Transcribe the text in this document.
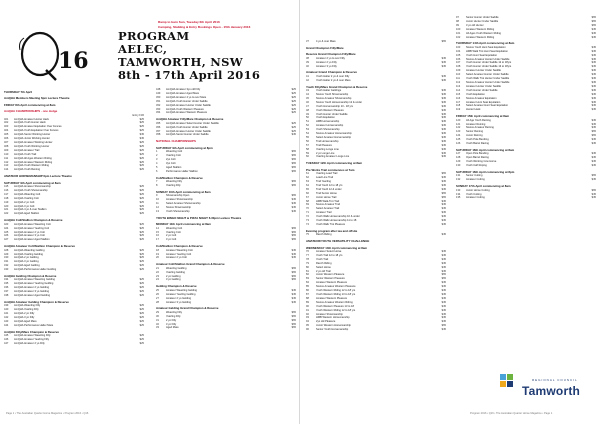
16
PROGRAM
AELEC,
TAMWORTH, NSW
8th - 17th April 2016
THURSDAY 7th April
AmQHA Members Meeting 6pm Lecture Theatre
FRIDAY 8th April commencing at 8am
AmQHA CHAMPIONSHIPS - one Judge
Entry FJR
401	AmQHA Amateur Hunter Hack	$25
402	AmQHA Youth Hunter Hack	$25
403	AmQHA Amateur Equitation Over Fences	$25
404	AmQHA Youth Equitation Over Fences	$25
405	AmQHA Senior Working Hunter	$45
406	AmQHA Junior Working Hunter	$45
407	AmQHA Amateur Working Hunter	$25
408	AmQHA Youth Working Hunter	$25
409	AmQHA Amateur Trail	$25
410	AmQHA Youth Trail	$25
411	AmQHA All Ages Western Riding	$25
412	AmQHA Amateur Western Riding	$25
413	AmQHA Youth Western Riding	$25
414	AmQHA Youth Reining	$25
AMATEUR HORSEMANSHIP 6pm Lecture Theatre
SATURDAY 9th April commencing at 8am
415	AmQHA Amateur Showmanship	$25
416	AmQHA Youth Showmanship	$25
417	AmQHA Weanling Colt	$25
418	AmQHA Yearling Colt	$25
419	AmQHA 2 yo Colt	$25
420	AmQHA 3 yo Colt	$25
421	AmQHA 4 yo & over Stallion	$25
422	AmQHA Aged Stallion	$25
AmQHA Colt/Stallion Champion & Reserve
423	AmQHA Amateur Weanling Colt	$25
424	AmQHA Amateur Yearling Colt	$25
425	AmQHA Amateur 2 yo Colt	$25
426	AmQHA Amateur 3 yo Colt	$25
427	AmQHA Amateur Aged Stallion	$25
AmQHA Amateur Colt/Stallion Champion & Reserve
428	AmQHA Weanling Gelding	$25
429	AmQHA Yearling Gelding	$25
430	AmQHA 2 yo Gelding	$25
431	AmQHA 3 yo Gelding	$25
432	AmQHA Aged Gelding	$25
433	AmQHA Performance Halter Gelding	$25
AmQHA Gelding Champion & Reserve
434	AmQHA Amateur Weanling Gelding	$25
435	AmQHA Amateur Yearling Gelding	$25
436	AmQHA Amateur 2 yo Gelding	$25
437	AmQHA Amateur 3 yo Gelding	$25
438	AmQHA Amateur Aged Gelding	$25
AmQHA Amateur Gelding Champion & Reserve
439	AmQHA Weanling Filly	$25
440	AmQHA Yearling Filly	$25
441	AmQHA 2 yo Filly	$25
442	AmQHA 3 yo Filly	$25
443	AmQHA Aged Mare	$25
444	AmQHA Performance Halter Mare	$25
AmQHA Filly/Mare Champion & Reserve
445	AmQHA Amateur Weanling Filly	$25
446	AmQHA Amateur Yearling Filly	$25
447	AmQHA Amateur 2 yo Filly	$25
448	AmQHA Amateur 3yo old Filly	$25
449	AmQHA Amateur Aged Mare	$25
450	AmQHA Amateur 4 yo & over Mare	$25
451	AmQHA Youth Hunter Under Saddle	$25
452	AmQHA Amateur Hunter Under Saddle	$25
453	AmQHA Youth Western Pleasure	$25
454	AmQHA Amateur Western Pleasure	$25
AmQHA Amateur Filly/Mare Champion & Reserve
455	AmQHA Amateur Select Hunter Under Saddle	$25
456	AmQHA Youth Hunter Under Saddle	$25
457	AmQHA Amateur Hunter Under Saddle	$25
458	AmQHA Senior Hunter Under Saddle	$45
NATIONAL CHAMPIONSHIPS
SATURDAY 9th April commencing at 8pm
1	Weanling Colt	$65
2	Yearling Colt	$65
3	2yo Colt	$65
4	3yo Colt	$65
5	Aged Stallion	$65
6	Performance Halter Stallion	$65
Colt/Stallion Champion & Reserve
7	Weanling Filly	$65
8	Yearling Filly	$65
SUNDAY 10th April commencing at 8am
9	Showmanship Open	$65
10	Amateur Showmanship	$45
11	Select Amateur Showmanship	$45
12	Novice Showmanship	$45
13	Youth Showmanship	$45
YOUTH BINGO NIGHT & PIZZA NIGHT 6.30pm Lecture Theatre
MONDAY 11th April commencing at 8am
14	Weanling Colt	$65
15	Yearling Colt	$65
16	2 yo Colt	$65
17	3 yo Colt	$65
Colt/Stallion Champion & Reserve
18	Amateur Weanling Colt	$45
19	Amateur Yearling Colt	$45
20	Amateur 2 yo Colt	$45
Amateur Colt/Stallion Grand Champion & Reserve
21	Weanling Gelding	$65
22	Yearling Gelding	$65
23	2 yo Gelding	$65
24	3 yo Gelding	$65
Gelding Champion & Reserve
25	Amateur Weanling Gelding	$45
26	Amateur Yearling Gelding	$45
27	Amateur 2 yo Gelding	$45
28	Amateur 3 yo Gelding	$45
Amateur Gelding Grand Champion & Reserve
29	Weanling Filly	$65
30	Yearling Filly	$65
31	2 yo Filly	$65
32	3 yo Filly	$65
33	Aged Mare	$65
Page 1 • The Australian Quarter Horse Magazine • Program 2016 • Q16
Ramp to barn Sun, Tuesday 6th April 2016
Camping, Stabling & Entry Bookings Open - 15th January 2016
37	4 yo & over Mare	$65
Grand Champion Filly/Mare
Reserve Grand Champion Filly/Mare
38	Amateur 2 yo & over Filly	$45
39	Amateur 2 yo Filly	$45
40	Amateur 3 yo Filly	$45
Amateur Grand Champion & Reserve
41	Youth Halter 2 yo & over Filly	$45
42	Youth Halter 2 yo & over Mare	$45
Youth Filly/Mare Grand Champion & Reserve
43	Youth Halter Geldings	$45
44	Novice Youth Showmanship	$45
45	Novice Amateur Showmanship	$45
46	Novice Youth Horsemanship 12 & under	$45
47	Youth Horsemanship 13 - 18 yrs	$45
48	Youth Western Pleasure	$45
49	Youth Hunter Under Saddle	$45
50	Youth Equitation	$45
51	HMB Horsemanship	$45
52	Amateur Horsemanship	$45
53	Youth Showmanship	$45
54	Novice Amateur Horsemanship	$45
55	Select Amateur Horsemanship	$45
56	Trail Horsemanship	$45
57	Trail Pleasure	$45
58	Yearling Longe Line	$45
59	2 yo Longe Line	$45
60	Yearling Amateur Longe Line	$45
TUESDAY 12th April commencing at 8am
Pre Works Trail commences at 7am
61	Yearling Lead Trail	$65
62	Lead Line Trail	$45
63	Trail Yearling	$45
64	Trail Youth 12 to 18 yrs	$45
65	Trail Youth 12 & under	$45
66	Trail Senior Horse	$65
67	Junior Horse Trail	$65
68	HMB Walk-Trot Trail	$45
69	Novice Amateur Trail	$45
70	Select Amateur Trail	$45
71	Amateur Trail	$45
72	Youth Walk Horsemanship 10 & under	$45
73	Youth Walk Horsemanship 11 to 18	$45
74	Youth Walk Trot Pleasure	$45
Evening program after tea and offsite
75	Ranch Riding	$45
AMATEUR/YOUTH VERSATILITY CHALLENGE
WEDNESDAY 13th April commencing at 8am
76	Amateur Select Horse	$45
77	Youth Trail 12 to 18 yrs	$45
78	Youth Trail	$45
79	Ranch Riding	$45
80	Select Horse	$45
81	2 yo old Trail	$45
82	Junior Western Pleasure	$65
83	Senior Western Pleasure	$65
84	Amateur Western Pleasure	$45
85	Novice Amateur Western Pleasure	$45
86	Youth Western Riding 12 to 18 yrs	$45
87	Youth Western Riding 13 to 18 yrs	$45
88	Amateur Western Pleasure	$45
89	Novice Amateur Western Riding	$45
90	Youth Western Pleasure 13 to 18	$45
91	Youth Western Riding 12 to 18 yrs	$45
92	Amateur Showmanship	$45
93	HMB Western Horsemanship	$45
94	2yo old Pleasure	$45
95	Junior Western Horsemanship	$65
96	Senior Youth Horsemanship	$45
97	Senior Hunter Under Saddle	$65
98	Junior Hunter Under Saddle	$65
99	3 yo old Hunter	$65
100	Amateur Western Riding	$45
101	All Ages Youth Western Riding	$45
102	Amateur Western Riding	$45
THURSDAY 14th April commencing at 8am
103	Novice Youth Hunt Seat Equitation	$45
104	HMB Walk Trot Hunt Seat Equitation	$45
105	Youth Hunt Seat Equitation	$45
106	Novice Amateur Hunter Under Saddle	$45
107	Youth Hunter Under Saddle 12 to 18yrs	$45
108	Youth Hunter Under Saddle 13 to 18yrs	$45
109	Amateur Hunter Under Saddle	$45
110	Select Amateur Hunter Under Saddle	$45
111	Youth Walk Trot Hunter Under Saddle	$45
112	Novice Amateur Hunter Under Saddle	$45
113	Amateur Hunter Under Saddle	$45
114	Youth Hunter Under Saddle	$45
115	Youth Equitation	$45
116	Novice Amateur Equitation	$45
117	Amateur Hunt Seat Equitation	$45
118	Select Amateur Hunt Seat Equitation	$45
119	Hunter Hack	$45
FRIDAY 15th April commencing at 8am
120	All Age Youth Reining	$45
121	Amateur Reining	$45
122	Novice Amateur Reining	$45
123	Senior Reining	$65
124	Junior Reining	$65
125	Youth Pole Bending	$45
126	Youth Barrel Racing	$45
SATURDAY 16th April commencing at 8am
127	Open Pole Bending	$45
128	Open Barrel Racing	$45
129	Youth Working Cow Horse	$45
130	Youth Calf Roping	$45
SATURDAY 16th April commencing at 8pm
131	Senior Cutting	$65
132	Amateur Cutting	$45
SUNDAY 17th April commencing at 8am
133	Junior Horse Cutting	$65
134	Youth Cutting	$45
135	Amateur Cutting	$45
REGIONAL COUNCIL
Tamworth
Program 2016 • Q16 • The Australian Quarter Horse Magazine • Page 1
